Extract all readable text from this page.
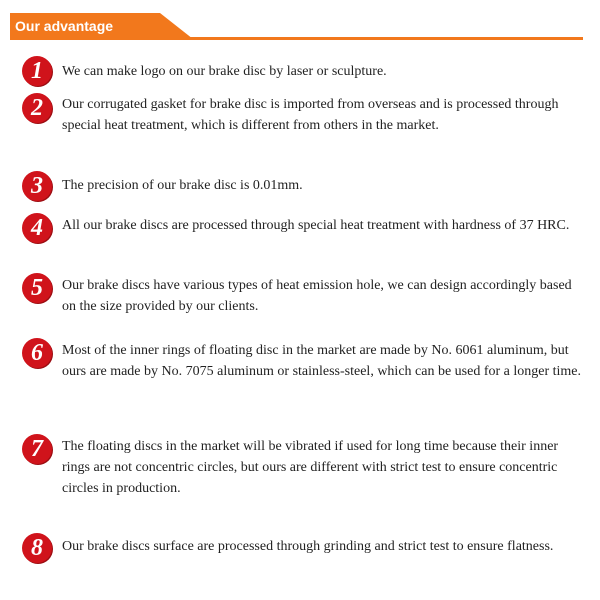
Our advantage
1	We can make logo on our brake disc by laser or sculpture.
2	Our corrugated gasket for brake disc is imported from overseas and is processed through special heat treatment, which is different from others in the market.
3	The precision of our brake disc is 0.01mm.
4	All our brake discs are processed through special heat treatment with hardness of 37 HRC.
5	Our brake discs have various types of heat emission hole, we can design accordingly based on the size provided by our clients.
6	Most of the inner rings of floating disc in the market are made by No. 6061 aluminum, but ours are made by No. 7075 aluminum or stainless-steel, which can be used for a longer time.
7	The floating discs in the market will be vibrated if used for long time because their inner rings are not concentric circles, but ours are different with strict test to ensure concentric circles in production.
8	Our brake discs surface are processed through grinding and strict test to ensure flatness.
